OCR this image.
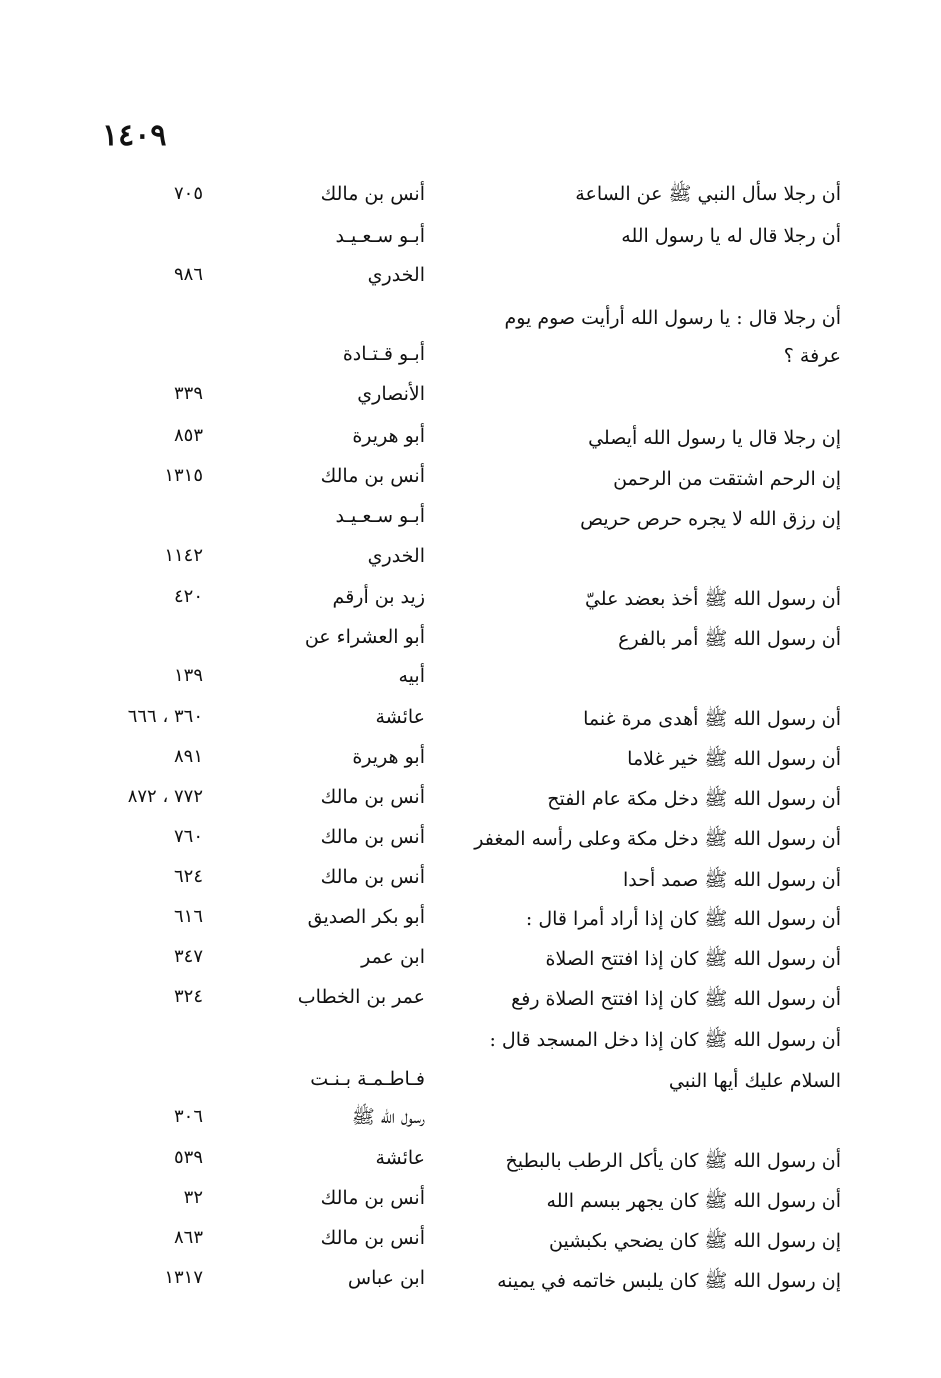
١٤٠٩
أن رجلا سأل النبي ﷺ عن الساعة
أنس بن مالك
٧٠٥
أن رجلا قال له يا رسول الله
أبـو سـعـيـد
الخدري
٩٨٦
أن رجلا قال : يا رسول الله أرأيت صوم يوم
عرفة ؟
أبـو قـتـادة
الأنصاري
٣٣٩
إن رجلا قال يا رسول الله أيصلي
أبو هريرة
٨٥٣
إن الرحم اشتقت من الرحمن
أنس بن مالك
١٣١٥
إن رزق الله لا يجره حرص حريص
أبـو سـعـيـد
الخدري
١١٤٢
أن رسول الله ﷺ أخذ بعضد عليّ
زيد بن أرقم
٤٢٠
أن رسول الله ﷺ أمر بالفرع
أبو العشراء عن
أبيه
١٣٩
أن رسول الله ﷺ أهدى مرة غنما
عائشة
٣٦٠ ، ٦٦٦
أن رسول الله ﷺ خير غلاما
أبو هريرة
٨٩١
أن رسول الله ﷺ دخل مكة عام الفتح
أنس بن مالك
٧٧٢ ، ٨٧٢
أن رسول الله ﷺ دخل مكة وعلى رأسه المغفر
أنس بن مالك
٧٦٠
أن رسول الله ﷺ صمد أحدا
أنس بن مالك
٦٢٤
أن رسول الله ﷺ كان إذا أراد أمرا قال :
أبو بكر الصديق
٦١٦
أن رسول الله ﷺ كان إذا افتتح الصلاة
ابن عمر
٣٤٧
أن رسول الله ﷺ كان إذا افتتح الصلاة رفع
عمر بن الخطاب
٣٢٤
أن رسول الله ﷺ كان إذا دخل المسجد قال :
السلام عليك أيها النبي
فـاطـمـة بـنـت
رسول الله ﷺ
٣٠٦
أن رسول الله ﷺ كان يأكل الرطب بالبطيخ
عائشة
٥٣٩
أن رسول الله ﷺ كان يجهر ببسم الله
أنس بن مالك
٣٢
إن رسول الله ﷺ كان يضحي بكبشين
أنس بن مالك
٨٦٣
إن رسول الله ﷺ كان يلبس خاتمه في يمينه
ابن عباس
١٣١٧
